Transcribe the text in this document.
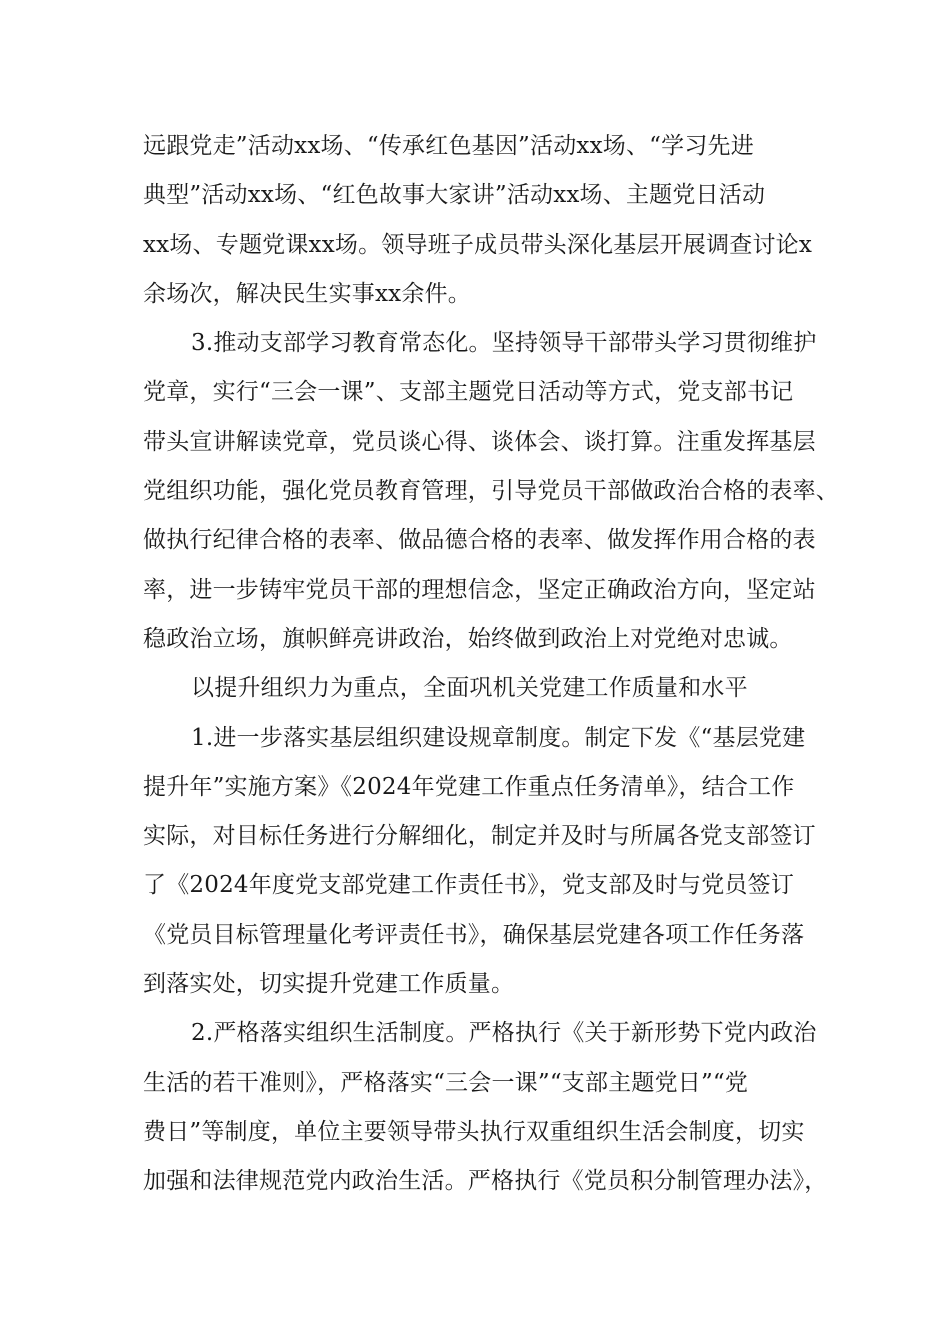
远跟党走”活动xx场、“传承红色基因”活动xx场、“学习先进
典型”活动xx场、“红色故事大家讲”活动xx场、主题党日活动
xx场、专题党课xx场。领导班子成员带头深化基层开展调查讨论x
余场次，解决民生实事xx余件。
3.推动支部学习教育常态化。坚持领导干部带头学习贯彻维护
党章，实行“三会一课”、支部主题党日活动等方式，党支部书记
带头宣讲解读党章，党员谈心得、谈体会、谈打算。注重发挥基层
党组织功能，强化党员教育管理，引导党员干部做政治合格的表率、
做执行纪律合格的表率、做品德合格的表率、做发挥作用合格的表
率，进一步铸牢党员干部的理想信念，坚定正确政治方向，坚定站
稳政治立场，旗帜鲜亮讲政治，始终做到政治上对党绝对忠诚。
以提升组织力为重点，全面巩机关党建工作质量和水平
1.进一步落实基层组织建设规章制度。制定下发《“基层党建
提升年”实施方案》《2024年党建工作重点任务清单》，结合工作
实际，对目标任务进行分解细化，制定并及时与所属各党支部签订
了《2024年度党支部党建工作责任书》，党支部及时与党员签订
《党员目标管理量化考评责任书》，确保基层党建各项工作任务落
到落实处，切实提升党建工作质量。
2.严格落实组织生活制度。严格执行《关于新形势下党内政治
生活的若干准则》，严格落实“三会一课”“支部主题党日”“党
费日”等制度，单位主要领导带头执行双重组织生活会制度，切实
加强和法律规范党内政治生活。严格执行《党员积分制管理办法》，
